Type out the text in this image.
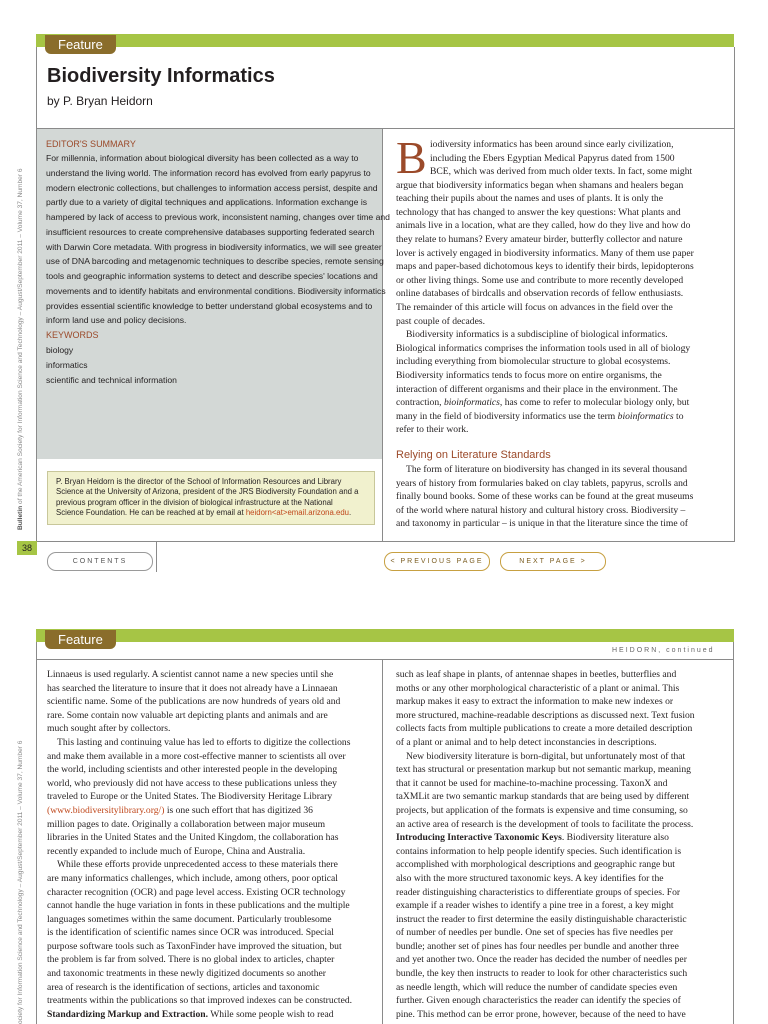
Feature
Bulletin of the American Society for Information Science and Technology – August/September 2011 – Volume 37, Number 6
Biodiversity Informatics
by P. Bryan Heidorn
EDITOR'S SUMMARY
For millennia, information about biological diversity has been collected as a way to
understand the living world. The information record has evolved from early papyrus to
modern electronic collections, but challenges to information access persist, despite and
partly due to a variety of digital techniques and applications. Information exchange is
hampered by lack of access to previous work, inconsistent naming, changes over time and
insufficient resources to create comprehensive databases supporting federated search
with Darwin Core metadata. With progress in biodiversity informatics, we will see greater
use of DNA barcoding and metagenomic techniques to describe species, remote sensing
tools and geographic information systems to detect and describe species' locations and
movements and to identify habitats and environmental conditions. Biodiversity informatics
provides essential scientific knowledge to better understand global ecosystems and to
inform land use and policy decisions.
KEYWORDS
biology
informatics
scientific and technical information
P. Bryan Heidorn is the director of the School of Information Resources and Library
Science at the University of Arizona, president of the JRS Biodiversity Foundation and a
previous program officer in the division of biological infrastructure at the National
Science Foundation. He can be reached at by email at heidorn<at>email.arizona.edu.
B iodiversity informatics has been around since early civilization,
including the Ebers Egyptian Medical Papyrus dated from 1500
BCE, which was derived from much older texts. In fact, some might
argue that biodiversity informatics began when shamans and healers began
teaching their pupils about the names and uses of plants. It is only the
technology that has changed to answer the key questions: What plants and
animals live in a location, what are they called, how do they live and how do
they relate to humans? Every amateur birder, butterfly collector and nature
lover is actively engaged in biodiversity informatics. Many of them use paper
maps and paper-based dichotomous keys to identify their birds, lepidopterons
or other living things. Some use and contribute to more recently developed
online databases of birdcalls and observation records of fellow enthusiasts.
The remainder of this article will focus on advances in the field over the
past couple of decades.
Biodiversity informatics is a subdiscipline of biological informatics.
Biological informatics comprises the information tools used in all of biology
including everything from biomolecular structure to global ecosystems.
Biodiversity informatics tends to focus more on entire organisms, the
interaction of different organisms and their place in the environment. The
contraction, bioinformatics, has come to refer to molecular biology only, but
many in the field of biodiversity informatics use the term bioinformatics to
refer to their work.
Relying on Literature Standards
The form of literature on biodiversity has changed in its several thousand
years of history from formularies baked on clay tablets, papyrus, scrolls and
finally bound books. Some of these works can be found at the great museums
of the world where natural history and cultural history cross. Biodiversity –
and taxonomy in particular – is unique in that the literature since the time of
38
CONTENTS	< PREVIOUS PAGE	NEXT PAGE >
Feature
HEIDORN, continued
ociety for Information Science and Technology – August/September 2011 – Volume 37, Number 6
Linnaeus is used regularly. A scientist cannot name a new species until she
has searched the literature to insure that it does not already have a Linnaean
scientific name. Some of the publications are now hundreds of years old and
rare. Some contain now valuable art depicting plants and animals and are
much sought after by collectors.
This lasting and continuing value has led to efforts to digitize the collections
and make them available in a more cost-effective manner to scientists all over
the world, including scientists and other interested people in the developing
world, who previously did not have access to these publications unless they
traveled to Europe or the United States. The Biodiversity Heritage Library
(www.biodiversitylibrary.org/) is one such effort that has digitized 36
million pages to date. Originally a collaboration between major museum
libraries in the United States and the United Kingdom, the collaboration has
recently expanded to include much of Europe, China and Australia.
While these efforts provide unprecedented access to these materials there
are many informatics challenges, which include, among others, poor optical
character recognition (OCR) and page level access. Existing OCR technology
cannot handle the huge variation in fonts in these publications and the multiple
languages sometimes within the same document. Particularly troublesome
is the identification of scientific names since OCR was introduced. Special
purpose software tools such as TaxonFinder have improved the situation, but
the problem is far from solved. There is no global index to articles, chapter
and taxonomic treatments in these newly digitized documents so another
area of research is the identification of sections, articles and taxonomic
treatments within the publications so that improved indexes can be constructed.
Standardizing Markup and Extraction. While some people wish to read
such as leaf shape in plants, of antennae shapes in beetles, butterflies and
moths or any other morphological characteristic of a plant or animal. This
markup makes it easy to extract the information to make new indexes or
more structured, machine-readable descriptions as discussed next. Text fusion
collects facts from multiple publications to create a more detailed description
of a plant or animal and to help detect inconstancies in descriptions.
New biodiversity literature is born-digital, but unfortunately most of that
text has structural or presentation markup but not semantic markup, meaning
that it cannot be used for machine-to-machine processing. TaxonX and
taXMLit are two semantic markup standards that are being used by different
projects, but application of the formats is expensive and time consuming, so
an active area of research is the development of tools to facilitate the process.
Introducing Interactive Taxonomic Keys. Biodiversity literature also
contains information to help people identify species. Such identification is
accomplished with morphological descriptions and geographic range but
also with the more structured taxonomic keys. A key identifies for the
reader distinguishing characteristics to differentiate groups of species. For
example if a reader wishes to identify a pine tree in a forest, a key might
instruct the reader to first determine the easily distinguishable characteristic
of number of needles per bundle. One set of species has five needles per
bundle; another set of pines has four needles per bundle and another three
and yet another two. Once the reader has decided the number of needles per
bundle, the key then instructs to reader to look for other characteristics such
as needle length, which will reduce the number of candidate species even
further. Given enough characteristics the reader can identify the species of
pine. This method can be error prone, however, because of the need to have
